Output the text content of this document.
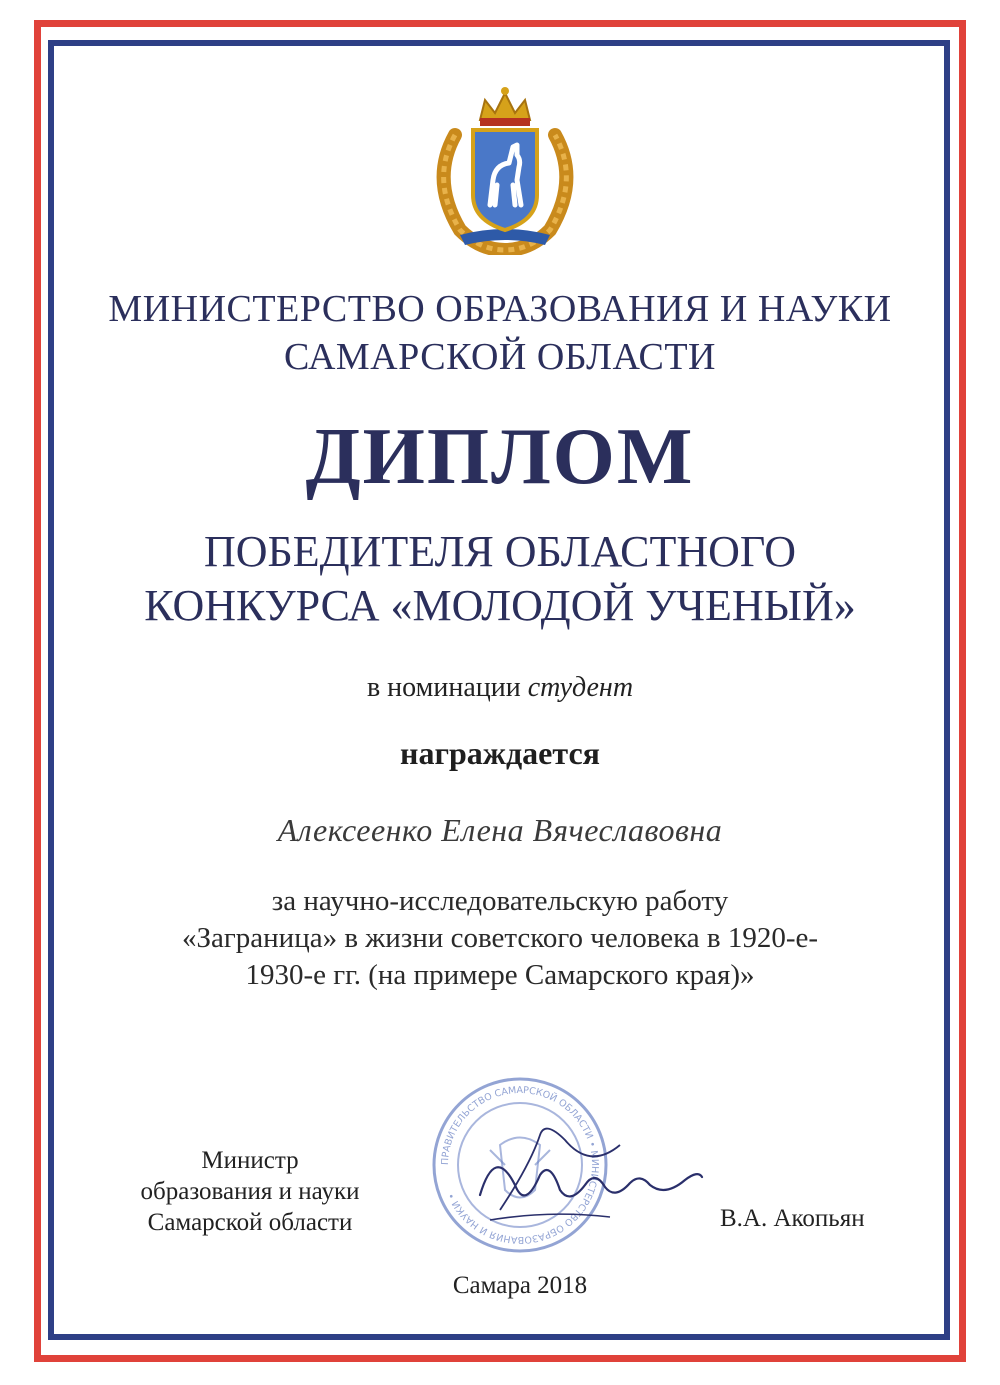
МИНИСТЕРСТВО ОБРАЗОВАНИЯ И НАУКИ
САМАРСКОЙ ОБЛАСТИ
ДИПЛОМ
ПОБЕДИТЕЛЯ ОБЛАСТНОГО
КОНКУРСА «МОЛОДОЙ УЧЕНЫЙ»
в номинации студент
награждается
Алексеенко Елена Вячеславовна
за научно-исследовательскую работу
«Заграница» в жизни советского человека в 1920-е-
1930-е гг. (на примере Самарского края)»
Министр
образования и науки
Самарской области
ПРАВИТЕЛЬСТВО САМАРСКОЙ ОБЛАСТИ • МИНИСТЕРСТВО ОБРАЗОВАНИЯ И НАУКИ •
В.А. Акопьян
Самара 2018
